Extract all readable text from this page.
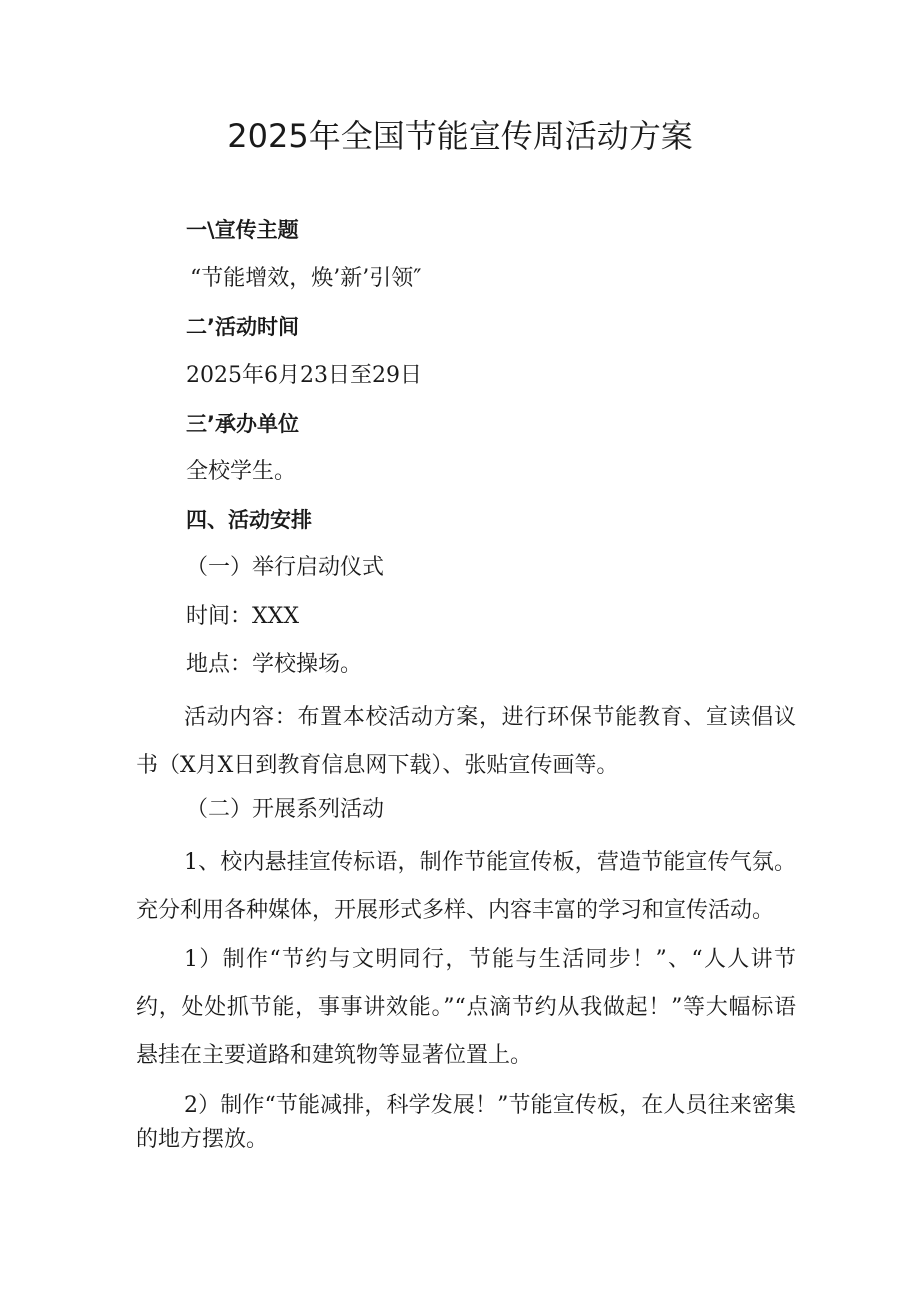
2025年全国节能宣传周活动方案
一\宣传主题
“节能增效，焕’新’引领″
二’活动时间
2025年6月23日至29日
三’承办单位
全校学生。
四、活动安排
（一）举行启动仪式
时间：XXX
地点：学校操场。
活动内容：布置本校活动方案，进行环保节能教育、宣读倡议书（X月X日到教育信息网下载）、张贴宣传画等。
（二）开展系列活动
1、校内悬挂宣传标语，制作节能宣传板，营造节能宣传气氛。充分利用各种媒体，开展形式多样、内容丰富的学习和宣传活动。
1）制作“节约与文明同行，节能与生活同步！”、“人人讲节约，处处抓节能，事事讲效能。”“点滴节约从我做起！”等大幅标语悬挂在主要道路和建筑物等显著位置上。
2）制作“节能减排，科学发展！”节能宣传板，在人员往来密集的地方摆放。
